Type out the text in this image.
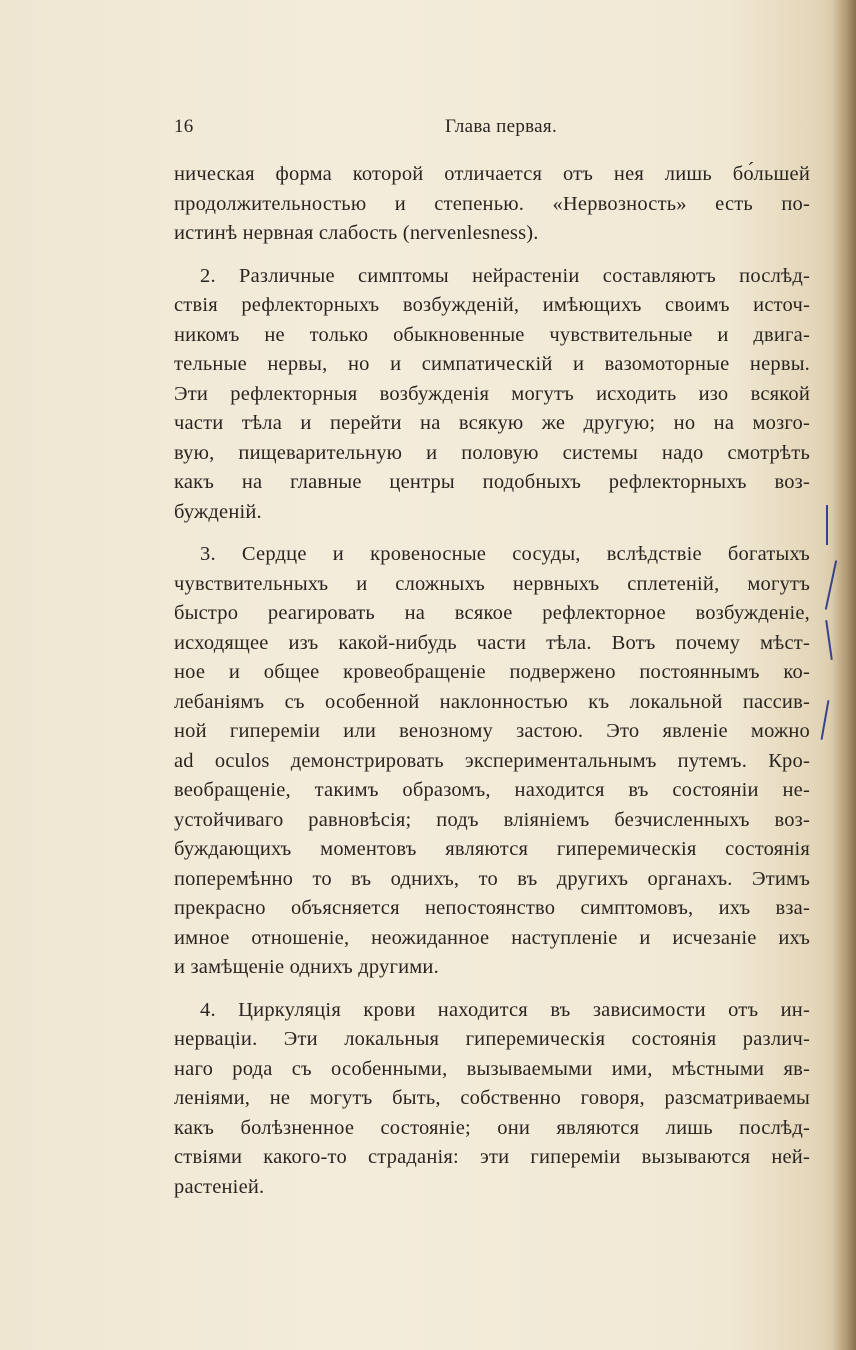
16	Глава первая.
ническая форма которой отличается отъ нея лишь бо́льшей
продолжительностью и степенью. «Нервозность» есть по-
истинѣ нервная слабость (nervenlesness).
2. Различные симптомы нейрастеніи составляютъ послѣд-
ствія рефлекторныхъ возбужденій, имѣющихъ своимъ источ-
никомъ не только обыкновенные чувствительные и двига-
тельные нервы, но и симпатическій и вазомоторные нервы.
Эти рефлекторныя возбужденія могутъ исходить изо всякой
части тѣла и перейти на всякую же другую; но на мозго-
вую, пищеварительную и половую системы надо смотрѣть
какъ на главные центры подобныхъ рефлекторныхъ воз-
бужденій.
3. Сердце и кровеносные сосуды, вслѣдствіе богатыхъ
чувствительныхъ и сложныхъ нервныхъ сплетеній, могутъ
быстро реагировать на всякое рефлекторное возбужденіе,
исходящее изъ какой-нибудь части тѣла. Вотъ почему мѣст-
ное и общее кровеобращеніе подвержено постояннымъ ко-
лебаніямъ съ особенной наклонностью къ локальной пассив-
ной гипереміи или венозному застою. Это явленіе можно
ad oculos демонстрировать экспериментальнымъ путемъ. Кро-
веобращеніе, такимъ образомъ, находится въ состояніи не-
устойчиваго равновѣсія; подъ вліяніемъ безчисленныхъ воз-
буждающихъ моментовъ являются гиперемическія состоянія
поперемѣнно то въ однихъ, то въ другихъ органахъ. Этимъ
прекрасно объясняется непостоянство симптомовъ, ихъ вза-
имное отношеніе, неожиданное наступленіе и исчезаніе ихъ
и замѣщеніе однихъ другими.
4. Циркуляція крови находится въ зависимости отъ ин-
нерваціи. Эти локальныя гиперемическія состоянія различ-
наго рода съ особенными, вызываемыми ими, мѣстными яв-
леніями, не могутъ быть, собственно говоря, разсматриваемы
какъ болѣзненное состояніе; они являются лишь послѣд-
ствіями какого-то страданія: эти гипереміи вызываются ней-
растеніей.
